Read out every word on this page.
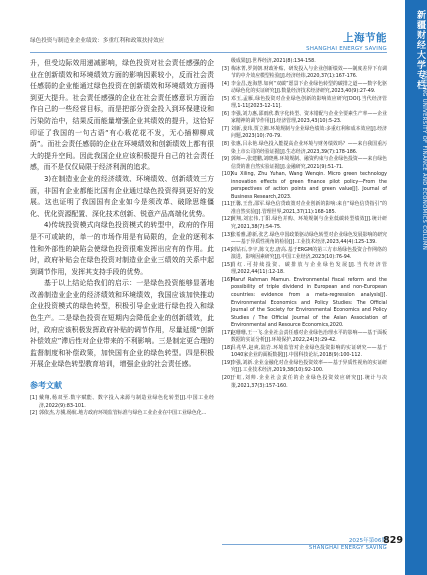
绿色投资与制造业企业绩效：多重红利和政策扶持效应	上海节能
SHANGHAI ENERGY SAVING	新疆财经大学专栏
XINJIANG UNIVERSITY OF FINANCE AND ECONOMICS COLUMN

升，但受边际效用递减影响，绿色投资对社会责任感强的企业在创新绩效和环境绩效方面的影响因素较小，反而社会责任感弱的企业能通过绿色投资在创新绩效和环境绩效方面得到更大提升。社会责任感强的企业在社会责任感意识方面治作自己的一些经营目标，而是把部分资金投入到环保建设和污染防治中，结果反而能量增强企业其绩效的提升，这恰好印证了我国的一句古语“有心栽花花不发，无心插柳柳成荫”。而社会责任感弱的企业在环境绩效和创新绩效上都有很大的提升空间。因此我国企业应该积极提升自己的社会责任感，而不是仅仅局限于经济利润的追求。

3)在制造业企业的经济绩效、环境绩效、创新绩效三方面，非国有企业都能比国有企业通过绿色投资得到更好的发展。这也证明了我国国有企业如今是须改革、破除思维僵化、优化资源配置、深化技术创新、锐意产品高端化优势。

4)传统投资模式向绿色投资模式的转型中，政府的作用是不可或缺的，单一的市场作用是有局限的，企业的逐利本性和外部性的缺陷会使绿色投资很难发挥出应有的作用。此时，政府补贴会在绿色投资对制造业企业三绩效的关系中起到调节作用，发挥其支持手段的优势。

基于以上结论给我们的启示：一是绿色投资能够显著地改善制造业企业的经济绩效和环境绩效，我国应该加快推动企业投资模式的绿色转型，积极引导企业进行绿色投入和绿色生产。二是绿色投资在短期内会降低企业的创新绩效，此时，政府应该积极发挥政府补贴的调节作用，尽量延缓“创新补偿效应”滞后性对企业带来的不利影响。三是制定更合理的监督制度和补偿政策，加快国有企业的绿色转型。四是积极开展企业绿色转型教育培训，增强企业的社会责任感。

参考文献

[1] 戴翔,杨双至.数字赋能、数字投入来源与制造业绿色化转型[J].中国工业经济,2022(9):83-101.

[2] 郭依杰,方骥,杨航.地方政府环境监管标准与绿色工业企业在中国工业绿色化...

级成果[J].世界经济,2021(8):134-158.

[3] 梅冰菁,罗剑朝.财政补贴、研发投入与企业创新绩效——制度差异下有调节的中介效应模型检验[J].经济经纬,2020,37(1):167-176.

[4] 李金昌,连海慧.如何“双碳”愿景下企业绿色转型的碳排之道——数字化驱动绿色化的实证研究[J].数量经济技术经济研究,2023,40(9):27-49.

[5] 邓玉,孟雁,绿色投资对企业绿色创新的影响效应研究[DOI].当代经济管理,1-11[2023-12-11].

[6] 李强,刘力惠,邵雨欣.数字化转型、资本错配与企业全要素生产率——企业家精神的调节作用[J].经济管理,2023,43(10):5-23.

[7] 刘新,姜玮,贾立湘.环境规制与企业绿色绩效:多重红利和成本效应[J].经济问题,2023(10):70-79.

[8] 张惠,吕永艳.绿色投入能提高企业环境与财务绩效吗？——来自我国重污染上市公司的经验证据[J].生态经济,2023,39(7):178-186.

[9] 郭师—,张建鹏,刘晓燕.环境规制、融资约束与企业绿色投资——来自绿色信贷的准自然实验证据[J].金融研究,2021(9):51-71.

[10] Xu Xiling, Zhu Yuhan, Wang Wenqin. Micro green technology innovation effects of green finance pilot policy—From the perspectives of action points and green value[J]. Journal of Business Research,2023.

[11] 王馨,王营,邵军.绿色信贷政策对企业创新的影响:来自“绿色信贷指引”的准自然实验[J].管理世界,2021,37(11):168-185.

[12] 黄翔,刘宏伟,丁阳.绿色并购、环境规制与企业低碳转型绩效[J].统计研究,2021,38(7):54-75.

[13] 张希雅,游新,张艺.绿色中国政策驱动绿色转型对企业绿色发展影响的研究——基于异质性视角的检验[J].工业技术经济,2023,44(4):125-139.

[14] 刘钻石,李宇,陈文忠,唐高.基于ERGM的第三方市场绿色投资合作网络的演进、影响因素研究[J].中国工业经济,2023(10):76-94.

[15] 肖红.可持续投资、碳排放与企业绿色发展[J].当代经济管理,2022,44(11):12-18.

[16] Maruf Rahman Mamun. Environmental fiscal reform and the possibility of triple dividend in European and non-European countries: evidence from a meta-regression analysis[J]. Environmental Economics and Policy Studies: The Official Journal of the Society for Environmental Economics and Policy Studies / The Official Journal of the Asian Association of Environmental and Resource Economics,2020.

[17] 赵珊珊,王一飞.企业社会责任感对企业绿色治理水平的影响——基于面板数据的实证分析[J].环境保护,2022,24(3):29-42.

[18] 吕兆华,赵爽,陆岩.环境监管对企业绿色投资影响的实证研究——基于1040家企业的面板数据[J].中国科技论坛,2018(9):100-112.

[19] 李强,刘新.企业金融化对企业绿色投资效率——基于异质性视角的实证研究[J].工业技术经济,2019,38(10):92-100.

[20] 于虹,刘帅.企业社会责任的企业绿色投资效应研究[J].统计与决策,2021,37(3):157-160.

2025年第06期
SHANGHAI ENERGY SAVING
829
